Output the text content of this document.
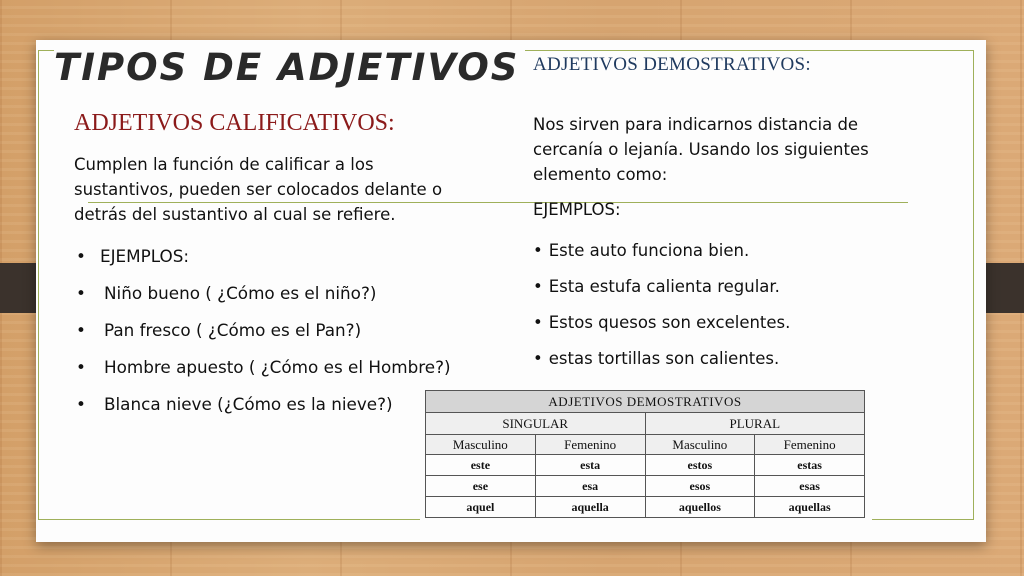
TIPOS DE ADJETIVOS ADJETIVOS DEMOSTRATIVOS:
ADJETIVOS CALIFICATIVOS:
Cumplen la función de calificar a los sustantivos, pueden ser colocados delante o detrás del sustantivo al cual se refiere.
• EJEMPLOS:
• Niño bueno ( ¿Cómo es el niño?)
• Pan fresco ( ¿Cómo es el Pan?)
• Hombre apuesto ( ¿Cómo es el Hombre?)
• Blanca nieve (¿Cómo es la nieve?)
Nos sirven para indicarnos distancia de cercanía o lejanía. Usando los siguientes elemento como:
EJEMPLOS:
• Este auto funciona bien.
• Esta estufa calienta regular.
• Estos quesos son excelentes.
• estas tortillas son calientes.
ADJETIVOS DEMOSTRATIVOS			
SINGULAR		PLURAL	
Masculino	Femenino	Masculino	Femenino
este	esta	estos	estas
ese	esa	esos	esas
aquel	aquella	aquellos	aquellas
